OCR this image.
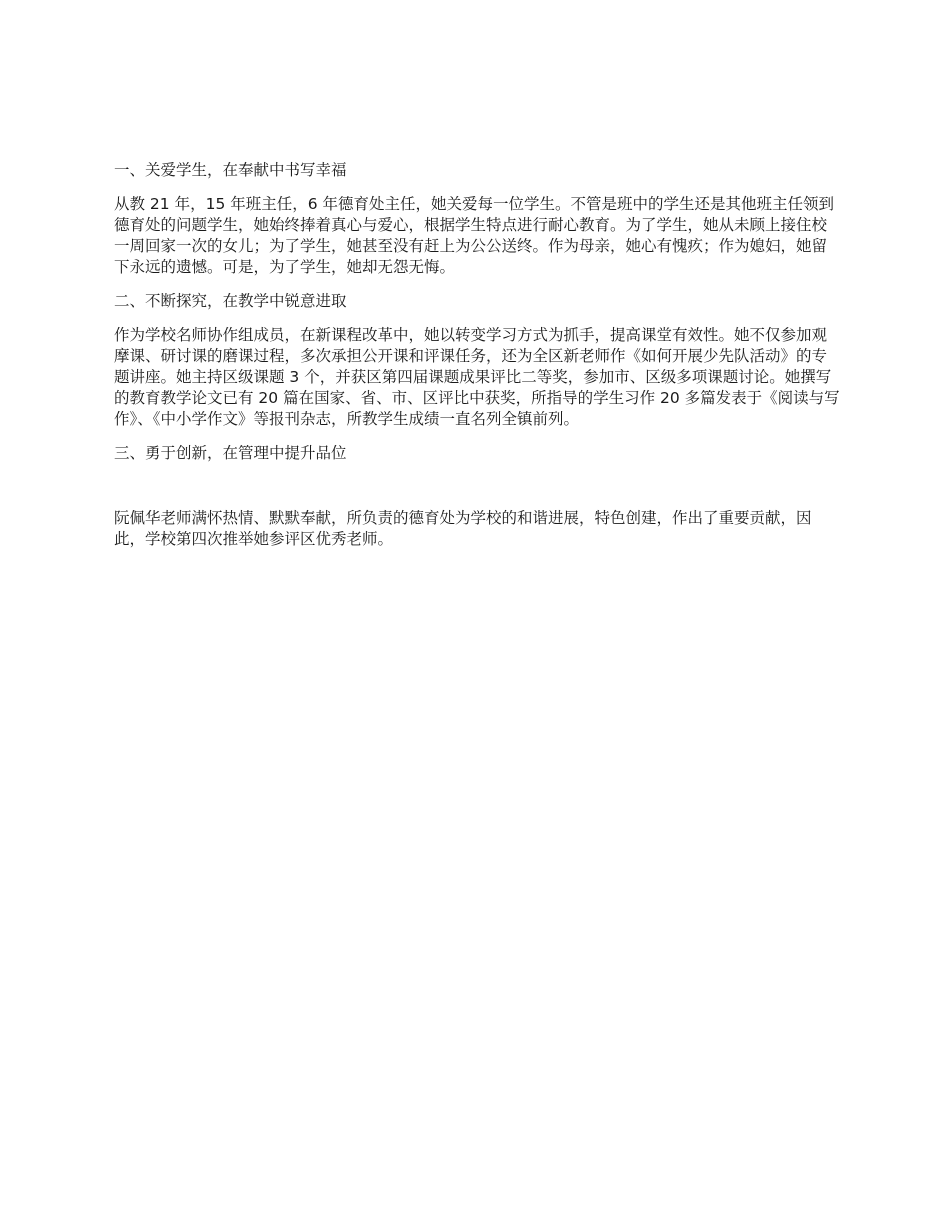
一、关爱学生，在奉献中书写幸福

从教 21 年，15 年班主任，6 年德育处主任，她关爱每一位学生。不管是班中的学生还是其他班主任领到德育处的问题学生，她始终捧着真心与爱心，根据学生特点进行耐心教育。为了学生，她从未顾上接住校一周回家一次的女儿；为了学生，她甚至没有赶上为公公送终。作为母亲，她心有愧疚；作为媳妇，她留下永远的遗憾。可是，为了学生，她却无怨无悔。

二、不断探究，在教学中锐意进取

作为学校名师协作组成员，在新课程改革中，她以转变学习方式为抓手，提高课堂有效性。她不仅参加观摩课、研讨课的磨课过程，多次承担公开课和评课任务，还为全区新老师作《如何开展少先队活动》的专题讲座。她主持区级课题 3 个，并获区第四届课题成果评比二等奖，参加市、区级多项课题讨论。她撰写的教育教学论文已有 20 篇在国家、省、市、区评比中获奖，所指导的学生习作 20 多篇发表于《阅读与写作》、《中小学作文》等报刊杂志，所教学生成绩一直名列全镇前列。

三、勇于创新，在管理中提升品位

阮佩华老师满怀热情、默默奉献，所负责的德育处为学校的和谐进展，特色创建，作出了重要贡献，因此，学校第四次推举她参评区优秀老师。
